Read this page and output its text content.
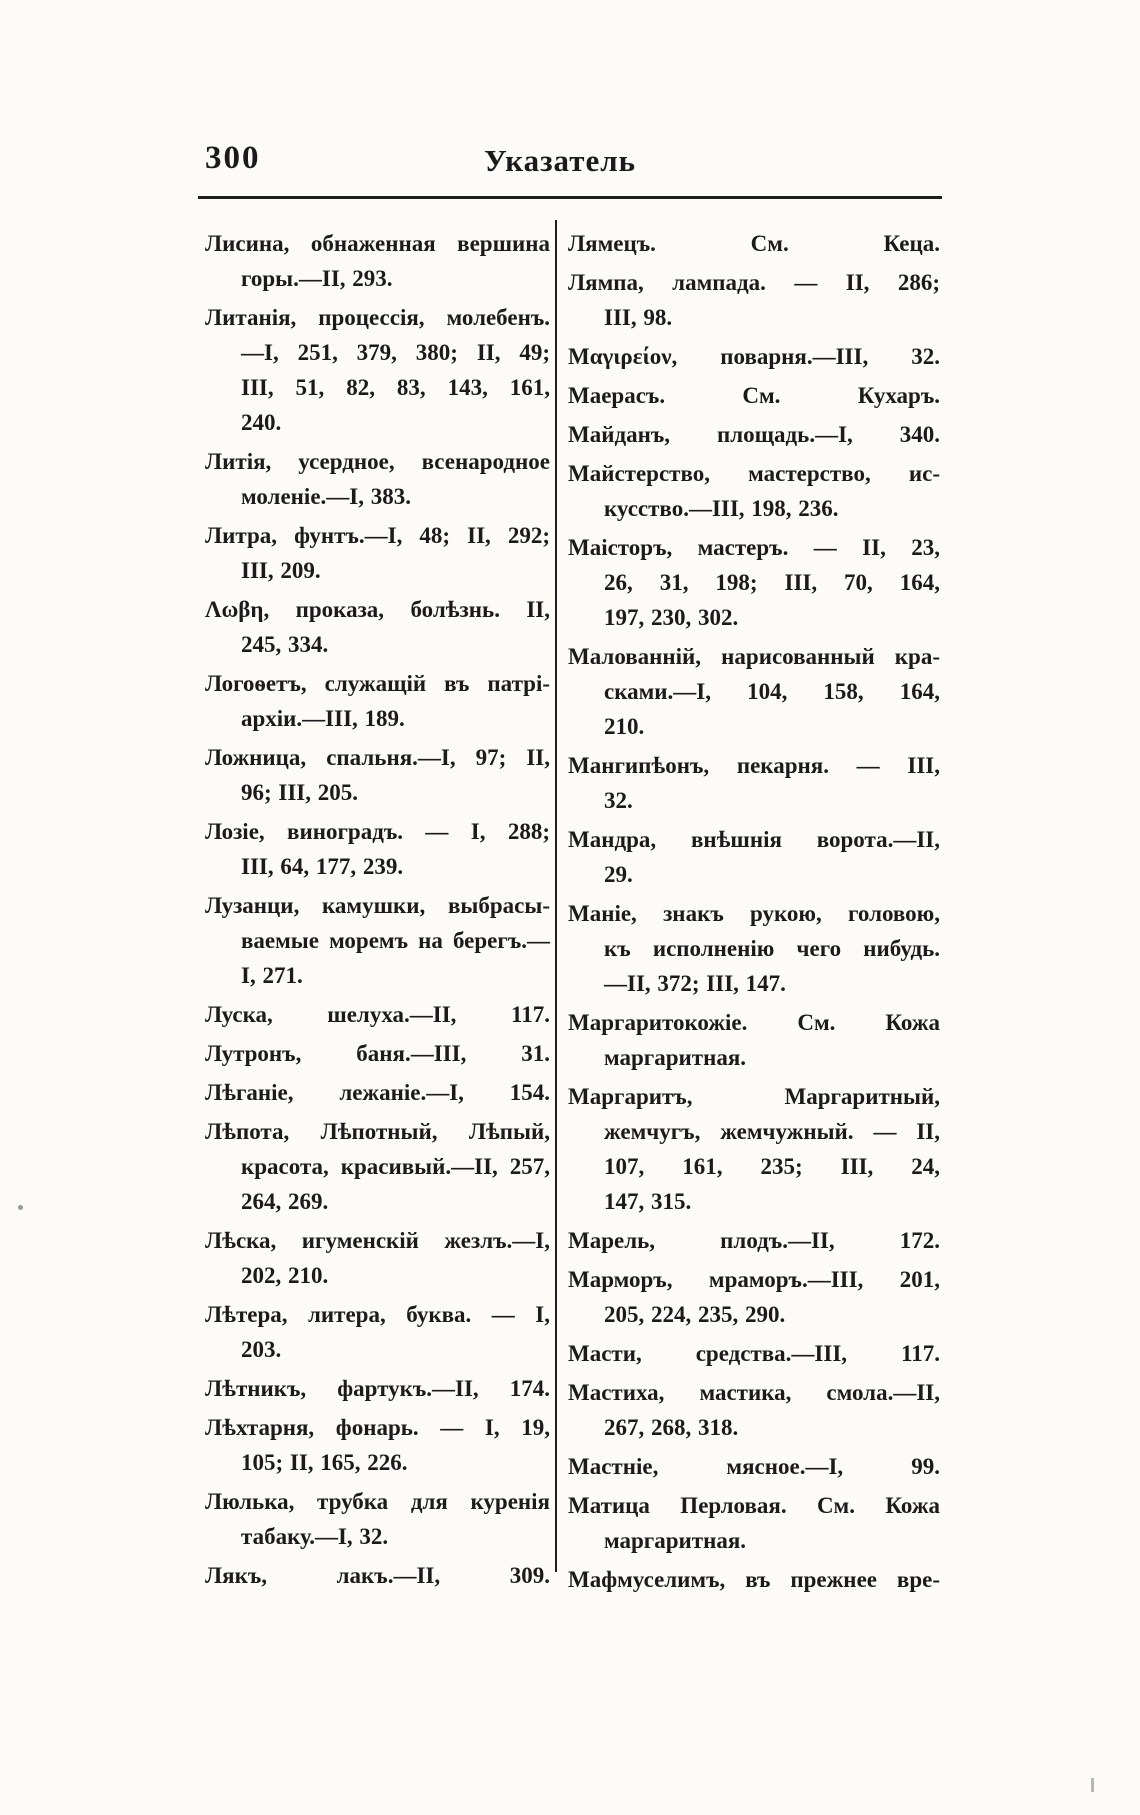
300	Указатель
Лисина, обнаженная вершина
горы.—II, 293.
Литанія, процессія, молебенъ.
—I, 251, 379, 380; II, 49;
III, 51, 82, 83, 143, 161,
240.
Литія, усердное, всенародное
моленіе.—I, 383.
Литра, фунтъ.—I, 48; II, 292;
III, 209.
Λωβη, проказа, болѣзнь. II,
245, 334.
Логоѳетъ, служащій въ патрі-
архіи.—III, 189.
Ложница, спальня.—I, 97; II,
96; III, 205.
Лозіе, виноградъ. — I, 288;
III, 64, 177, 239.
Лузанци, камушки, выбрасы-
ваемые моремъ на берегъ.—
I, 271.
Луска, шелуха.—II, 117.
Лутронъ, баня.—III, 31.
Лѣганіе, лежаніе.—I, 154.
Лѣпота, Лѣпотный, Лѣпый,
красота, красивый.—II, 257,
264, 269.
Лѣска, игуменскій жезлъ.—I,
202, 210.
Лѣтера, литера, буква. — I,
203.
Лѣтникъ, фартукъ.—II, 174.
Лѣхтарня, фонарь. — I, 19,
105; II, 165, 226.
Люлька, трубка для куренія
табаку.—I, 32.
Лякъ, лакъ.—II, 309.
Лямецъ. См. Кеца.
Лямпа, лампада. — II, 286;
III, 98.
Μαγιρείον, поварня.—III, 32.
Маерасъ. См. Кухаръ.
Майданъ, площадь.—I, 340.
Майстерство, мастерство, ис-
кусство.—III, 198, 236.
Маісторъ, мастеръ. — II, 23,
26, 31, 198; III, 70, 164,
197, 230, 302.
Малованній, нарисованный кра-
сками.—I, 104, 158, 164,
210.
Мангипѣонъ, пекарня. — III,
32.
Мандра, внѣшнія ворота.—II,
29.
Маніе, знакъ рукою, головою,
къ исполненію чего нибудь.
—II, 372; III, 147.
Маргаритокожіе. См. Кожа
маргаритная.
Маргаритъ, Маргаритный,
жемчугъ, жемчужный. — II,
107, 161, 235; III, 24,
147, 315.
Марель, плодъ.—II, 172.
Марморъ, мраморъ.—III, 201,
205, 224, 235, 290.
Масти, средства.—III, 117.
Мастиха, мастика, смола.—II,
267, 268, 318.
Мастніе, мясное.—I, 99.
Матица Перловая. См. Кожа
маргаритная.
Мафмуселимъ, въ прежнее вре-
